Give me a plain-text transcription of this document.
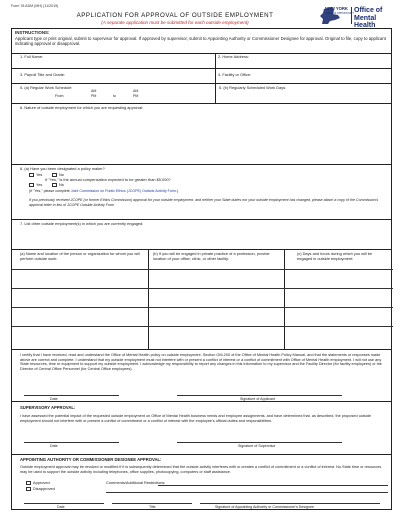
Form 78 ADM (MH) (11/2019)
APPLICATION FOR APPROVAL OF OUTSIDE EMPLOYMENT
(A separate application must be submitted for each outside employment)
NEW YORK
STATE OF OPPORTUNITY Office of
Mental Health
INSTRUCTIONS:
Applicant type or print original, submit to supervisor for approval. If approved by supervisor, submit to Appointing Authority or Commissioner Designee for approval. Original to file, copy to applicant indicating approval or disapproval.
1. Full Name:	2. Home Address:
3. Payroll Title and Grade:	4. Facility or Office:
5. (a) Regular Work Schedule:
AM	AM
From:	PM	to	PM
5. (b) Regularly Scheduled Work Days:
6. Nature of outside employment for which you are requesting approval:
6. (a) Have you been designated a policy maker?
Yes	No
If "Yes," is the annual compensation expected to be greater than $5,000?
Yes	No
(If "Yes," please complete Joint Commission on Public Ethics (JCOPE) Outside Activity Form.)
If you previously received JCOPE (or former Ethics Commission) approval for your outside employment, and neither your State duties nor your outside employment has changed, please attach a copy of the Commission's approval letter in lieu of JCOPE Outside Activity Form
7. List other outside employment(s) in which you are currently engaged:
(a) Name and location of the person or organization for whom you will perform outside work:
(b) If you will be engaged in private practice of a profession, provide location of your office, clinic, or other facility:
(c) Days and hours during which you will be engaged in outside employment:
I certify that I have received, read and understand the Office of Mental Health policy on outside employment. Section OM-200 of the Office of Mental Health Policy Manual, and that the statements or responses made above are correct and complete. I understand that my outside employment must not interfere with or present a conflict of interest or a conflict of commitment with Office of Mental Health employment. I will not use any State resources, time or equipment to support my outside employment. I acknowledge my responsibility to report any changes in this information to my supervisor and the Facility Director (for facility employees) or the Director of Central Office Personnel (for Central Office employees).
Date	Signature of Applicant
SUPERVISORY APPROVAL:
I have assessed the potential impact of the requested outside employment on Office of Mental Health business needs and employee assignments, and have determined that, as described, the proposed outside employment should not interfere with or present a conflict of commitment or a conflict of interest with the employee's official duties and responsibilities.
Date	Signature of Supervisor
APPOINTING AUTHORITY OR COMMISSIONER DESIGNEE APPROVAL:
Outside employment approval may be revoked or modified if it is subsequently determined that the outside activity interferes with or creates a conflict of commitment or a conflict of interest. No State time or resources may be used to support the outside activity including telephones, office supplies, photocopying, computers or staff assistance.
Approved
Disapproved
Comments/Additional Restrictions:
Date	Title	Signature of Appointing Authority or Commissioner's Designee
